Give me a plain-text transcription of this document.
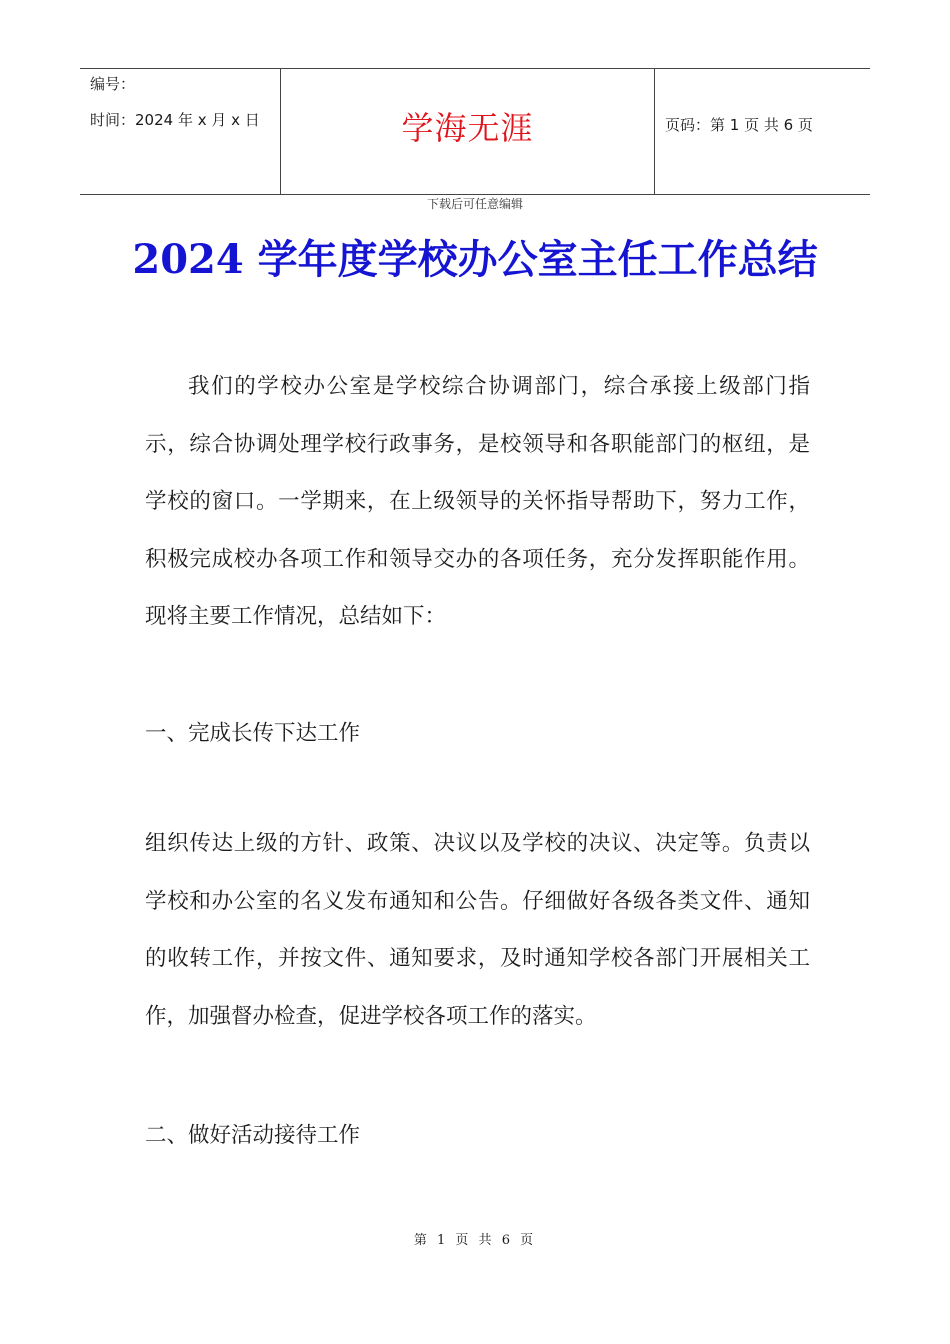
编号：
时间：2024 年 x 月 x 日	学海无涯	页码：第 1 页 共 6 页
下载后可任意编辑
2024 学年度学校办公室主任工作总结
我们的学校办公室是学校综合协调部门，综合承接上级部门指示，综合协调处理学校行政事务，是校领导和各职能部门的枢纽，是学校的窗口。一学期来，在上级领导的关怀指导帮助下，努力工作，积极完成校办各项工作和领导交办的各项任务，充分发挥职能作用。现将主要工作情况，总结如下：
一、完成长传下达工作
组织传达上级的方针、政策、决议以及学校的决议、决定等。负责以学校和办公室的名义发布通知和公告。仔细做好各级各类文件、通知的收转工作，并按文件、通知要求，及时通知学校各部门开展相关工作，加强督办检查，促进学校各项工作的落实。
二、做好活动接待工作
第 1 页 共 6 页
